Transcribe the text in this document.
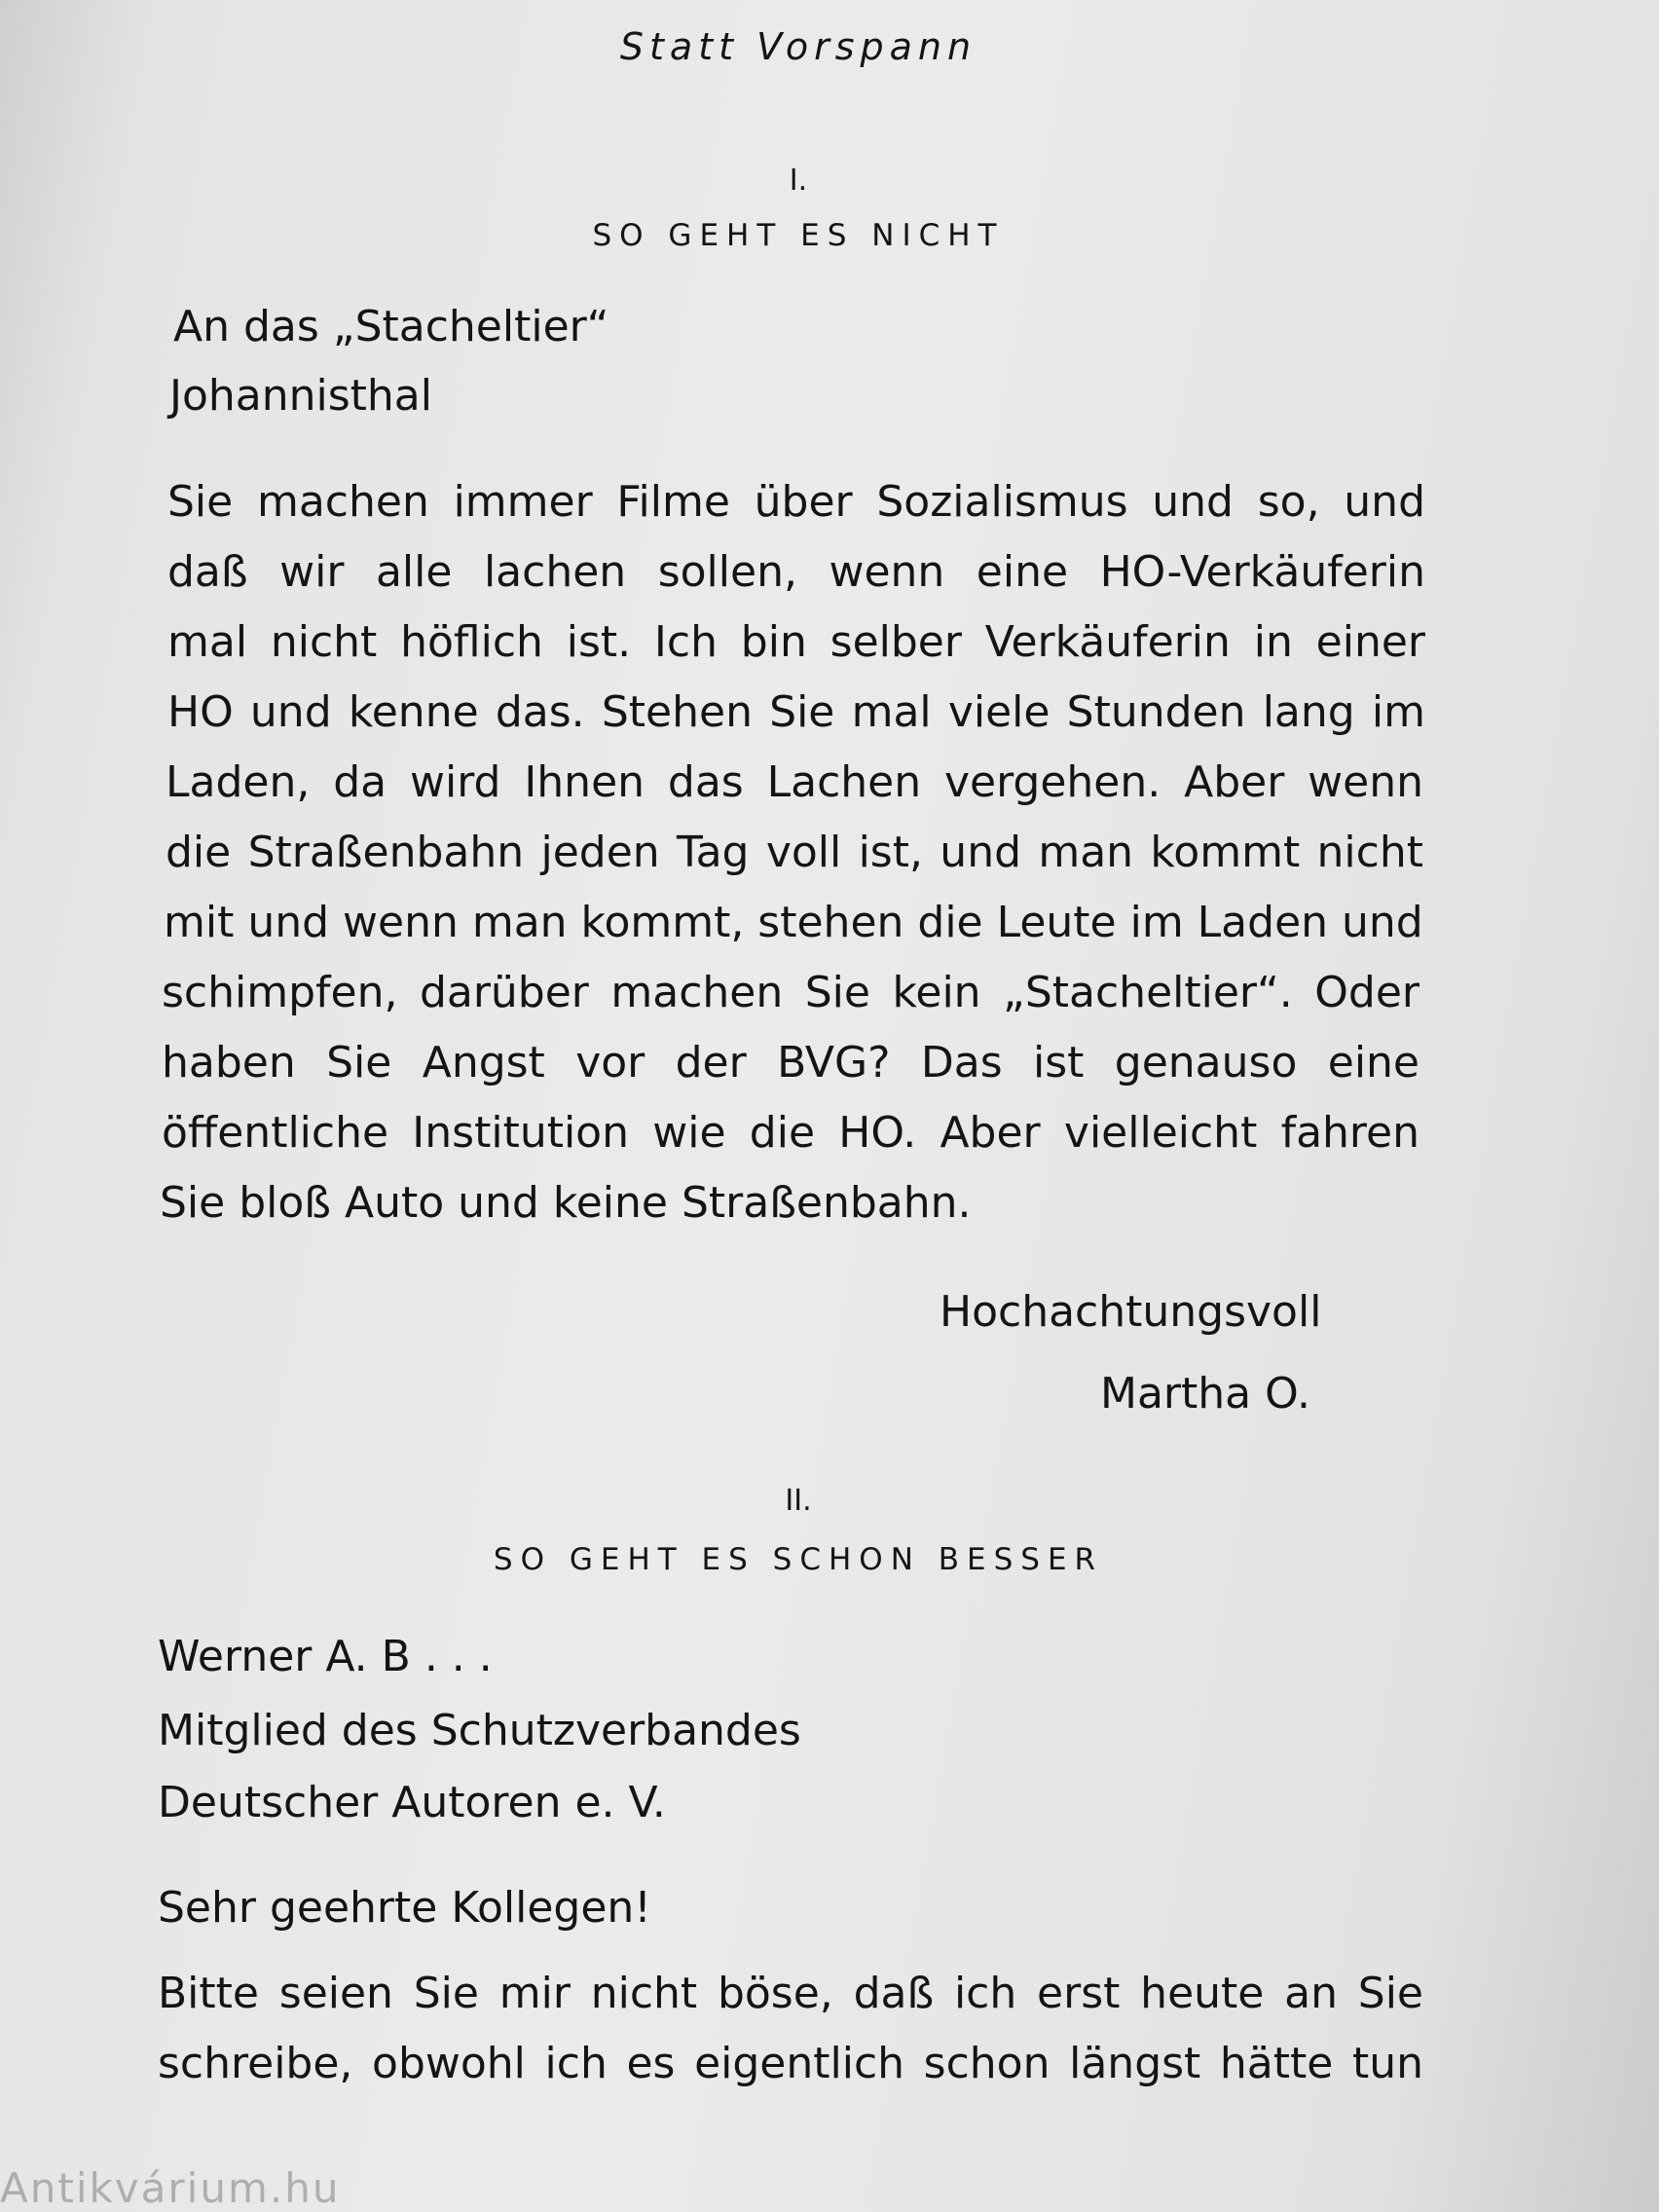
Statt Vorspann
I.
SO GEHT ES NICHT
An das „Stacheltier“
Johannisthal
Sie machen immer Filme über Sozialismus und so, und
daß wir alle lachen sollen, wenn eine HO-Verkäuferin
mal nicht höflich ist. Ich bin selber Verkäuferin in einer
HO und kenne das. Stehen Sie mal viele Stunden lang im
Laden, da wird Ihnen das Lachen vergehen. Aber wenn
die Straßenbahn jeden Tag voll ist, und man kommt nicht
mit und wenn man kommt, stehen die Leute im Laden und
schimpfen, darüber machen Sie kein „Stacheltier“. Oder
haben Sie Angst vor der BVG? Das ist genauso eine
öffentliche Institution wie die HO. Aber vielleicht fahren
Sie bloß Auto und keine Straßenbahn.
Hochachtungsvoll
Martha O.
II.
SO GEHT ES SCHON BESSER
Werner A. B . . .
Mitglied des Schutzverbandes
Deutscher Autoren e. V.
Sehr geehrte Kollegen!
Bitte seien Sie mir nicht böse, daß ich erst heute an Sie
schreibe, obwohl ich es eigentlich schon längst hätte tun
Antikvárium.hu
